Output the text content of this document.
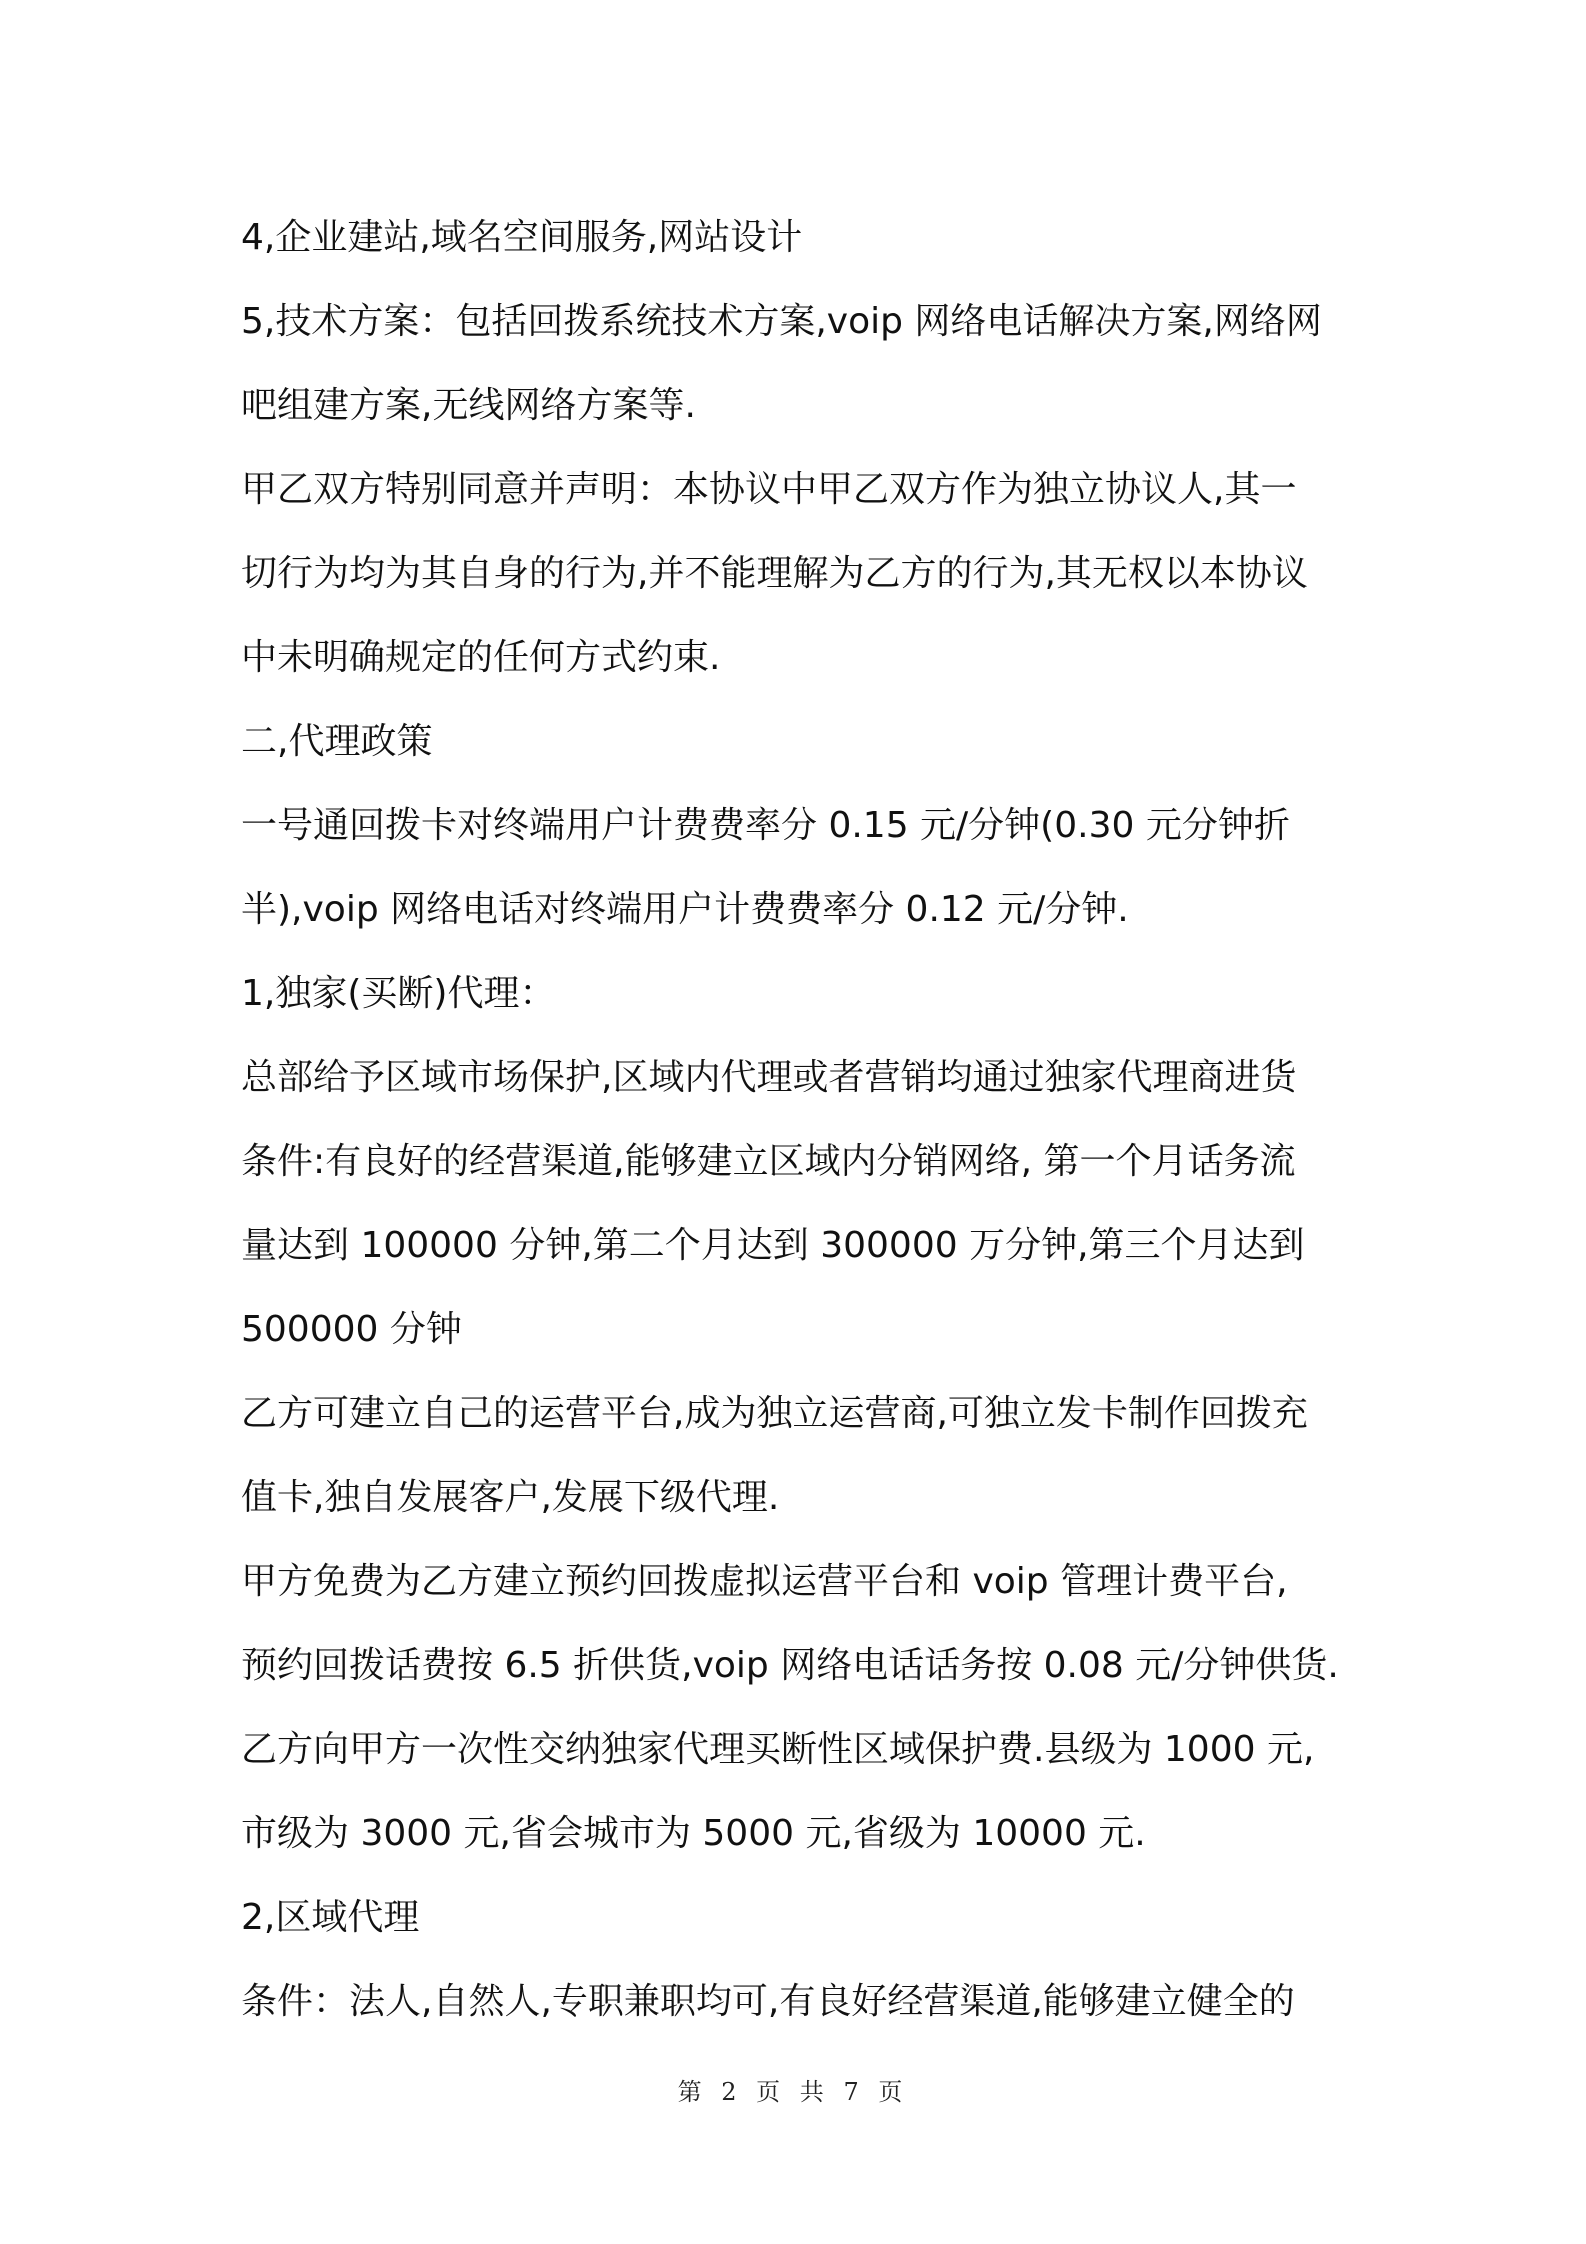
4,企业建站,域名空间服务,网站设计
5,技术方案：包括回拨系统技术方案,voip 网络电话解决方案,网络网
吧组建方案,无线网络方案等.
甲乙双方特别同意并声明：本协议中甲乙双方作为独立协议人,其一
切行为均为其自身的行为,并不能理解为乙方的行为,其无权以本协议
中未明确规定的任何方式约束.
二,代理政策
一号通回拨卡对终端用户计费费率分 0.15 元/分钟(0.30 元分钟折
半),voip 网络电话对终端用户计费费率分 0.12 元/分钟.
1,独家(买断)代理：
总部给予区域市场保护,区域内代理或者营销均通过独家代理商进货
条件:有良好的经营渠道,能够建立区域内分销网络, 第一个月话务流
量达到 100000 分钟,第二个月达到 300000 万分钟,第三个月达到
500000 分钟
乙方可建立自己的运营平台,成为独立运营商,可独立发卡制作回拨充
值卡,独自发展客户,发展下级代理.
甲方免费为乙方建立预约回拨虚拟运营平台和 voip 管理计费平台,
预约回拨话费按 6.5 折供货,voip 网络电话话务按 0.08 元/分钟供货.
乙方向甲方一次性交纳独家代理买断性区域保护费.县级为 1000 元,
市级为 3000 元,省会城市为 5000 元,省级为 10000 元.
2,区域代理
条件：法人,自然人,专职兼职均可,有良好经营渠道,能够建立健全的
第 2 页 共 7 页
